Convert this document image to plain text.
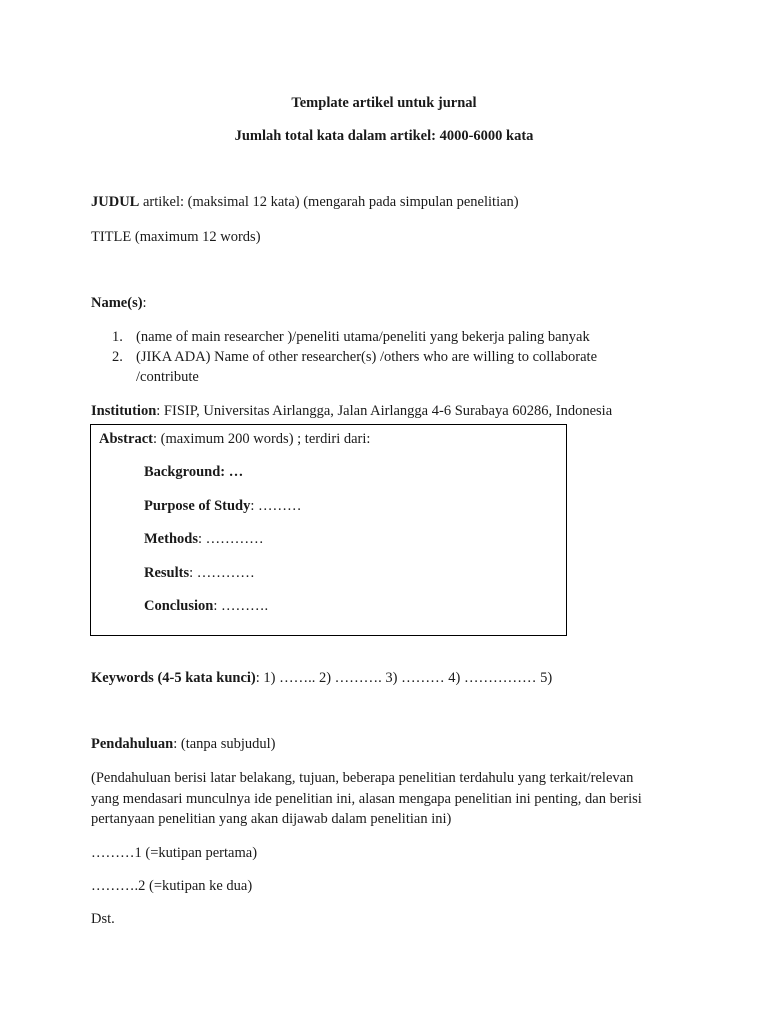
Template artikel untuk jurnal
Jumlah total kata dalam artikel: 4000-6000 kata
JUDUL artikel: (maksimal 12 kata) (mengarah pada simpulan penelitian)
TITLE (maximum 12 words)
Name(s):
1. (name of main researcher )/peneliti utama/peneliti yang bekerja paling banyak
2. (JIKA ADA) Name of other researcher(s) /others who are willing to collaborate
/contribute
Institution: FISIP, Universitas Airlangga, Jalan Airlangga 4-6 Surabaya 60286, Indonesia
Abstract: (maximum 200 words) ; terdiri dari:
Background: …
Purpose of Study: ………
Methods: …………
Results: …………
Conclusion: ……….
Keywords (4-5 kata kunci): 1) …….. 2) ………. 3) ……… 4) …………… 5)
Pendahuluan: (tanpa subjudul)
(Pendahuluan berisi latar belakang, tujuan, beberapa penelitian terdahulu yang terkait/relevan
yang mendasari munculnya ide penelitian ini, alasan mengapa penelitian ini penting, dan berisi
pertanyaan penelitian yang akan dijawab dalam penelitian ini)
………1 (=kutipan pertama)
……….2 (=kutipan ke dua)
Dst.
